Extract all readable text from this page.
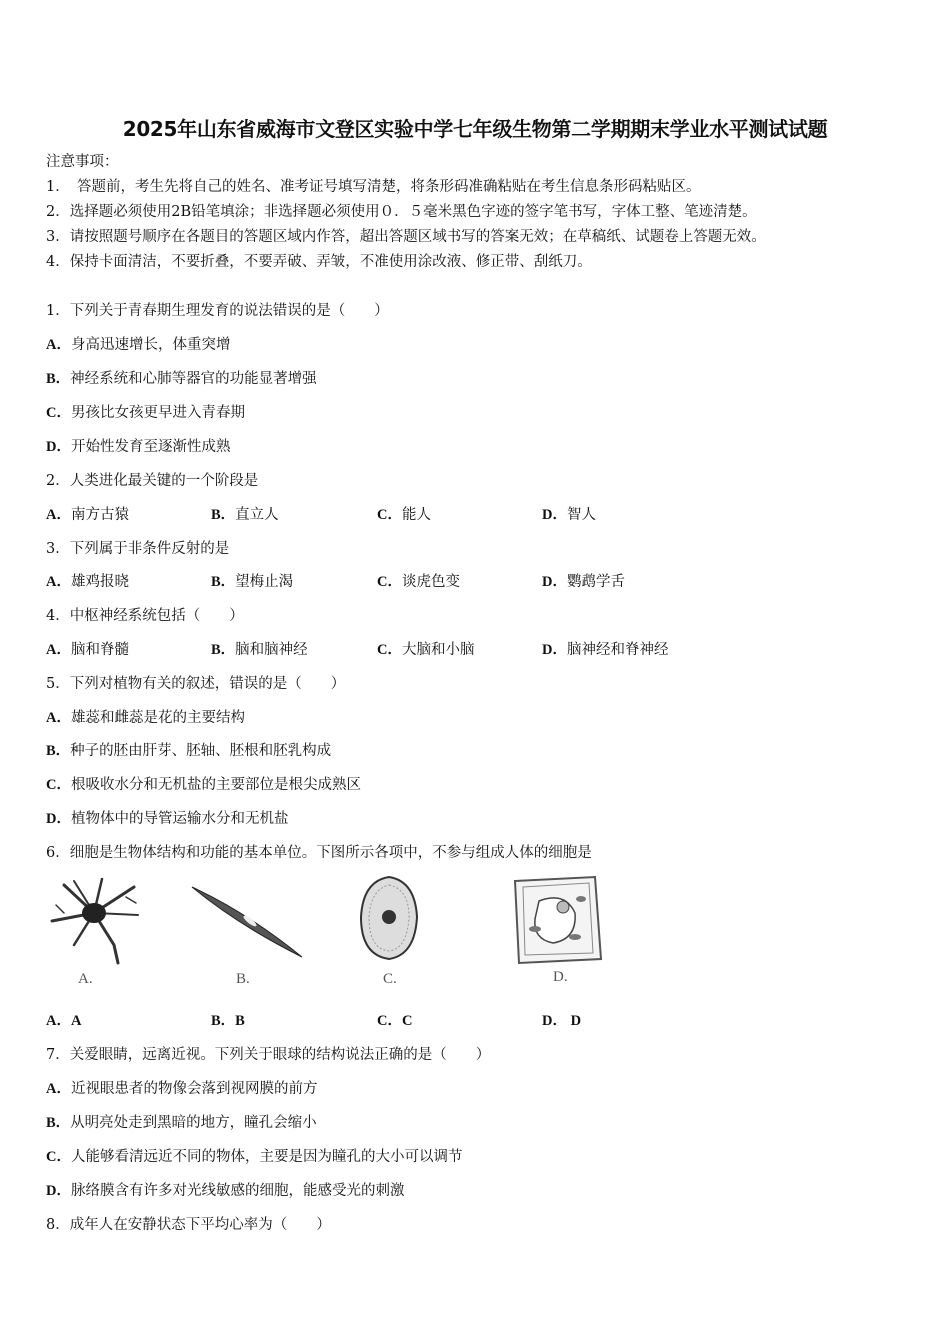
2025年山东省威海市文登区实验中学七年级生物第二学期期末学业水平测试试题
注意事项：
1．　答题前，考生先将自己的姓名、准考证号填写清楚，将条形码准确粘贴在考生信息条形码粘贴区。
2．选择题必须使用2B铅笔填涂；非选择题必须使用０．５毫米黑色字迹的签字笔书写，字体工整、笔迹清楚。
3．请按照题号顺序在各题目的答题区域内作答，超出答题区域书写的答案无效；在草稿纸、试题卷上答题无效。
4．保持卡面清洁，不要折叠，不要弄破、弄皱，不准使用涂改液、修正带、刮纸刀。
1．下列关于青春期生理发育的说法错误的是（　　）
A．身高迅速增长，体重突增
B．神经系统和心肺等器官的功能显著增强
C．男孩比女孩更早进入青春期
D．开始性发育至逐渐性成熟
2．人类进化最关键的一个阶段是
A．南方古猿	B．直立人	C．能人	D．智人
3．下列属于非条件反射的是
A．雄鸡报晓	B．望梅止渴	C．谈虎色变	D．鹦鹉学舌
4．中枢神经系统包括（　　）
A．脑和脊髓	B．脑和脑神经	C．大脑和小脑	D．脑神经和脊神经
5．下列对植物有关的叙述，错误的是（　　）
A．雄蕊和雌蕊是花的主要结构
B．种子的胚由肝芽、胚轴、胚根和胚乳构成
C．根吸收水分和无机盐的主要部位是根尖成熟区
D．植物体中的导管运输水分和无机盐
6．细胞是生物体结构和功能的基本单位。下图所示各项中，不参与组成人体的细胞是
A.	B.	C.	D.
A．A	B．B	C．C	D． D
7．关爱眼睛，远离近视。下列关于眼球的结构说法正确的是（　　）
A．近视眼患者的物像会落到视网膜的前方
B．从明亮处走到黑暗的地方，瞳孔会缩小
C．人能够看清远近不同的物体，主要是因为瞳孔的大小可以调节
D．脉络膜含有许多对光线敏感的细胞，能感受光的刺激
8．成年人在安静状态下平均心率为（　　）
